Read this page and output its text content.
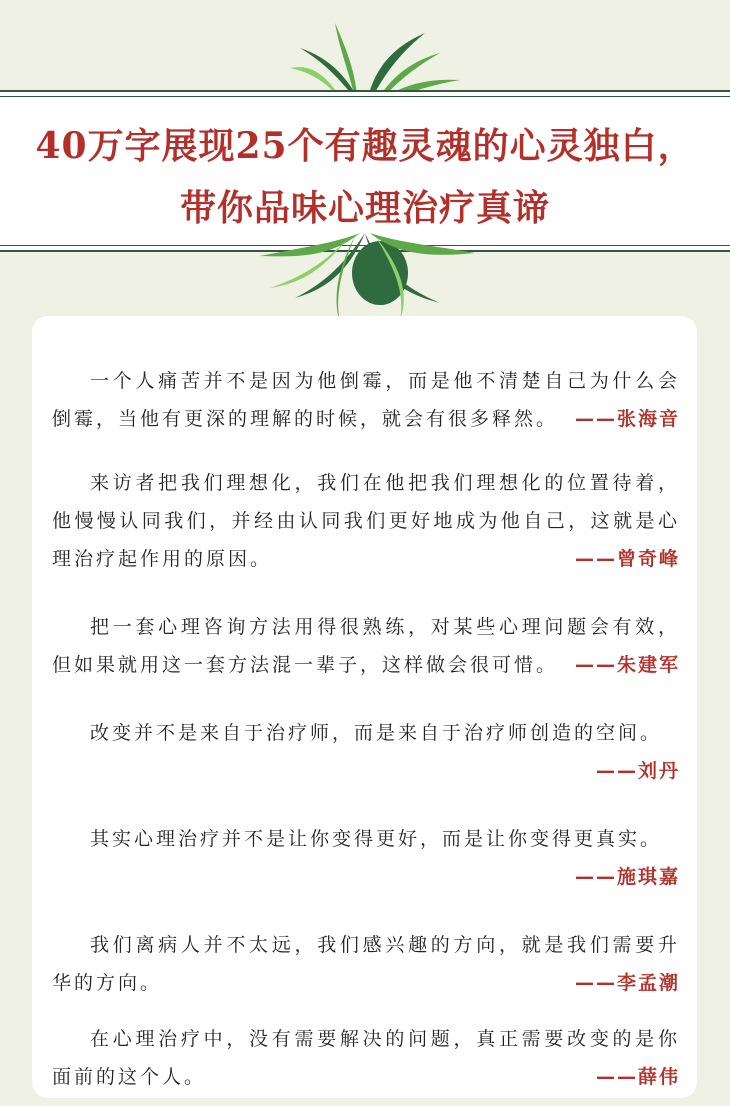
40万字展现25个有趣灵魂的心灵独白，
带你品味心理治疗真谛

一个人痛苦并不是因为他倒霉，而是他不清楚自己为什么会倒霉，当他有更深的理解的时候，就会有很多释然。 ——张海音

来访者把我们理想化，我们在他把我们理想化的位置待着，他慢慢认同我们，并经由认同我们更好地成为他自己，这就是心理治疗起作用的原因。	——曾奇峰

把一套心理咨询方法用得很熟练，对某些心理问题会有效，但如果就用这一套方法混一辈子，这样做会很可惜。 ——朱建军

改变并不是来自于治疗师，而是来自于治疗师创造的空间。

——刘丹

其实心理治疗并不是让你变得更好，而是让你变得更真实。

——施琪嘉

我们离病人并不太远，我们感兴趣的方向，就是我们需要升华的方向。	——李孟潮

在心理治疗中，没有需要解决的问题，真正需要改变的是你面前的这个人。	——薛伟
